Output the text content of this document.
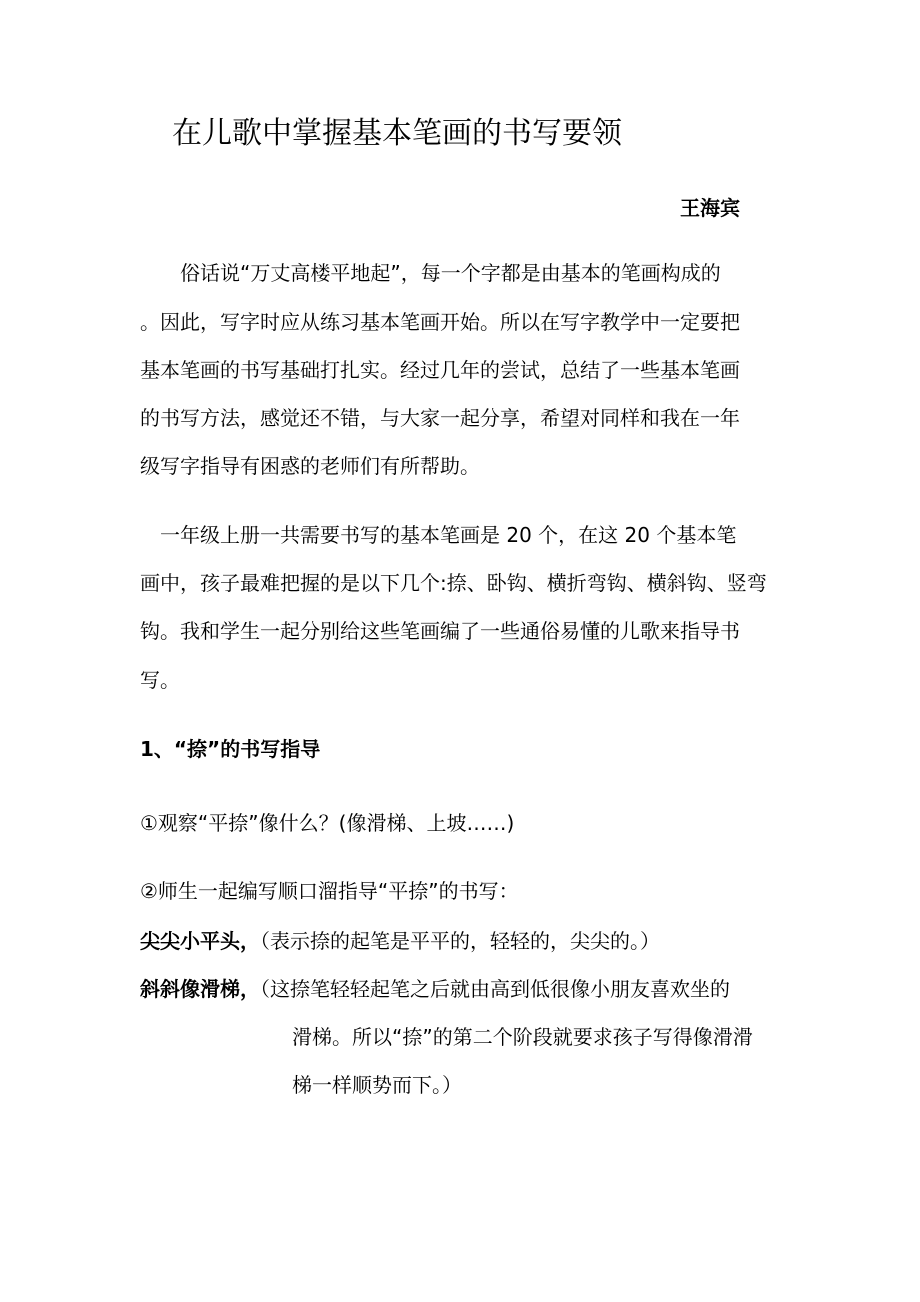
在儿歌中掌握基本笔画的书写要领
王海宾
　　俗话说“万丈高楼平地起”，每一个字都是由基本的笔画构成的
。因此，写字时应从练习基本笔画开始。所以在写字教学中一定要把
基本笔画的书写基础打扎实。经过几年的尝试，总结了一些基本笔画
的书写方法，感觉还不错，与大家一起分享，希望对同样和我在一年
级写字指导有困惑的老师们有所帮助。
　一年级上册一共需要书写的基本笔画是 20 个，在这 20 个基本笔
画中，孩子最难把握的是以下几个:捺、卧钩、横折弯钩、横斜钩、竖弯
钩。我和学生一起分别给这些笔画编了一些通俗易懂的儿歌来指导书
写。
1、“捺”的书写指导
①观察“平捺”像什么？(像滑梯、上坡……)
②师生一起编写顺口溜指导“平捺”的书写：
尖尖小平头，（表示捺的起笔是平平的，轻轻的，尖尖的。）
斜斜像滑梯，（这捺笔轻轻起笔之后就由高到低很像小朋友喜欢坐的
滑梯。所以“捺”的第二个阶段就要求孩子写得像滑滑
梯一样顺势而下。）
